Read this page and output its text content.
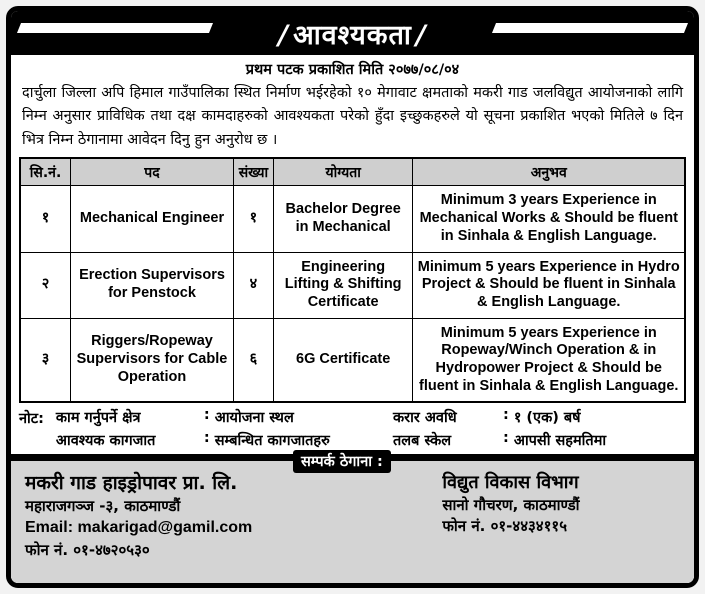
/ आवश्यकता /
प्रथम पटक प्रकाशित मिति २०७७/०८/०४

दार्चुला जिल्ला अपि हिमाल गाउँपालिका स्थित निर्माण भईरहेको १० मेगावाट क्षमताको मकरी गाड जलविद्युत आयोजनाको लागि निम्न अनुसार प्राविधिक तथा दक्ष कामदाहरुको आवश्यकता परेको हुँदा इच्छुकहरुले यो सूचना प्रकाशित भएको मितिले ७ दिन भित्र निम्न ठेगानामा आवेदन दिनु हुन अनुरोध छ ।

सि.नं.	पद	संख्या	योग्यता	अनुभव
१	Mechanical Engineer	१	Bachelor Degree in Mechanical	Minimum 3 years Experience in Mechanical Works & Should be fluent in Sinhala & English Language.
२	Erection Supervisors for Penstock	४	Engineering Lifting & Shifting Certificate	Minimum 5 years Experience in Hydro Project & Should be fluent in Sinhala & English Language.
३	Riggers/Ropeway Supervisors for Cable Operation	६	6G Certificate	Minimum 5 years Experience in Ropeway/Winch Operation & in Hydropower Project & Should be fluent in Sinhala & English Language.
नोट: काम गर्नुपर्ने क्षेत्र	: आयोजना स्थल
आवश्यक कागजात	: सम्बन्धित कागजातहरु
करार अवधि	: १ (एक) बर्ष
तलब स्केल	: आपसी सहमतिमा
सम्पर्क ठेगाना :
मकरी गाड हाइड्रोपावर प्रा. लि.
महाराजगञ्ज -३, काठमाण्डौं
Email: makarigad@gamil.com
फोन नं. ०१-४७२०५३०
विद्युत विकास विभाग
सानो गौचरण, काठमाण्डौं
फोन नं. ०१-४४३४११५
